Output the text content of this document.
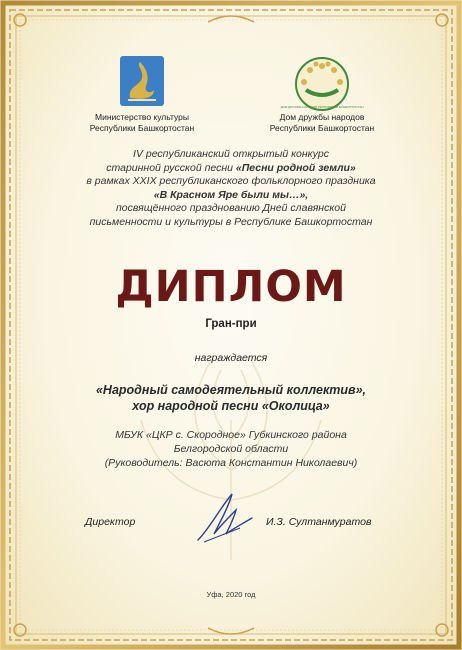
Министерство культуры
Республики Башкортостан
ДОМ ДРУЖБЫ НАРОДОВ РЕСПУБЛИКИ БАШКОРТОСТАН
Дом дружбы народов
Республики Башкортостан
IV республиканский открытый конкурс
старинной русской песни «Песни родной земли»
в рамках XXIX республиканского фольклорного праздника
«В Красном Яре были мы…»,
посвящённого празднованию Дней славянской
письменности и культуры в Республике Башкортостан
ДИПЛОМ
Гран-при
награждается
«Народный самодеятельный коллектив»,
хор народной песни «Околица»
МБУК «ЦКР с. Скородное» Губкинского района
Белгородской области
(Руководитель: Васюта Константин Николаевич)
Директор	И.З. Султанмуратов
Уфа, 2020 год
